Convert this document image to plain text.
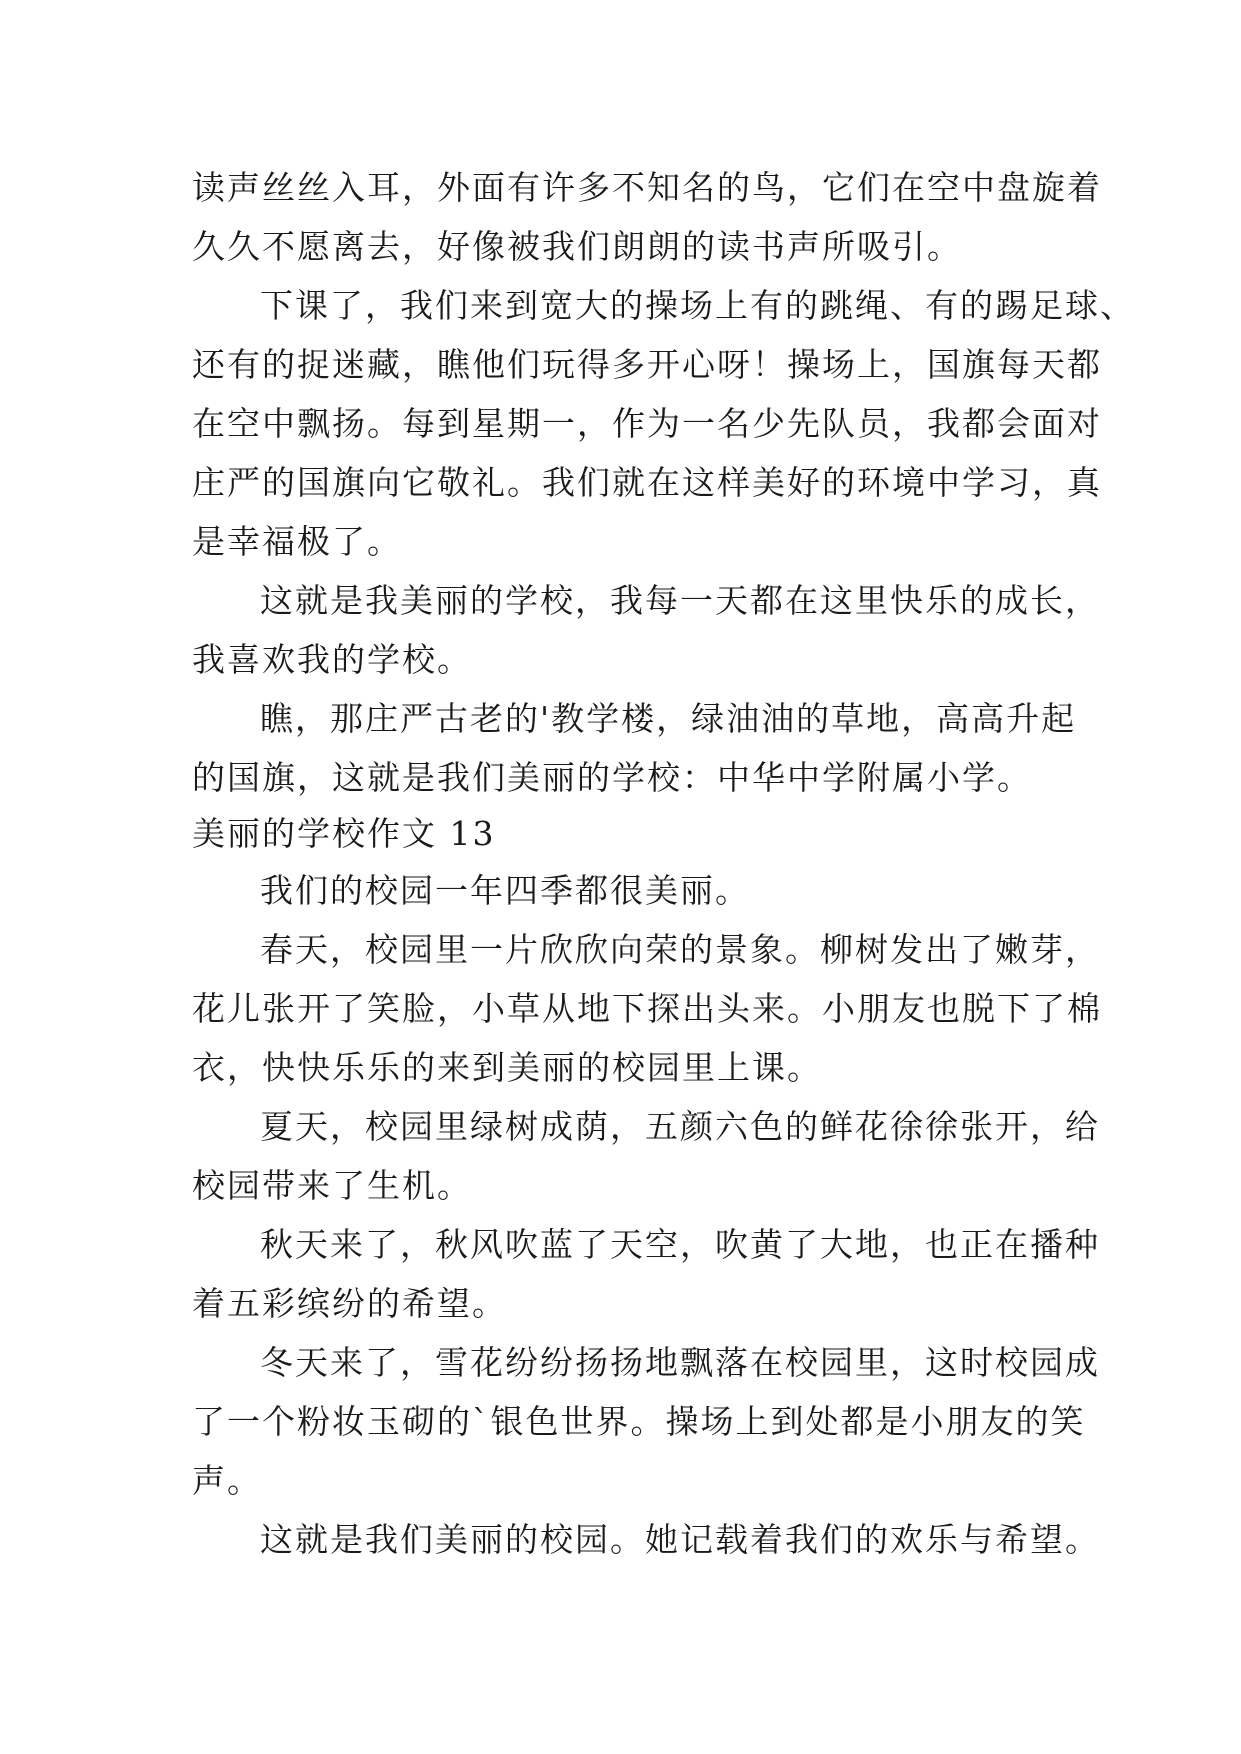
读声丝丝入耳，外面有许多不知名的鸟，它们在空中盘旋着
久久不愿离去，好像被我们朗朗的读书声所吸引。
下课了，我们来到宽大的操场上有的跳绳、有的踢足球、
还有的捉迷藏，瞧他们玩得多开心呀！操场上，国旗每天都
在空中飘扬。每到星期一，作为一名少先队员，我都会面对
庄严的国旗向它敬礼。我们就在这样美好的环境中学习，真
是幸福极了。
这就是我美丽的学校，我每一天都在这里快乐的成长，
我喜欢我的学校。
瞧，那庄严古老的'教学楼，绿油油的草地，高高升起
的国旗，这就是我们美丽的学校：中华中学附属小学。
美丽的学校作文 13
我们的校园一年四季都很美丽。
春天，校园里一片欣欣向荣的景象。柳树发出了嫩芽，
花儿张开了笑脸，小草从地下探出头来。小朋友也脱下了棉
衣，快快乐乐的来到美丽的校园里上课。
夏天，校园里绿树成荫，五颜六色的鲜花徐徐张开，给
校园带来了生机。
秋天来了，秋风吹蓝了天空，吹黄了大地，也正在播种
着五彩缤纷的希望。
冬天来了，雪花纷纷扬扬地飘落在校园里，这时校园成
了一个粉妆玉砌的`银色世界。操场上到处都是小朋友的笑
声。
这就是我们美丽的校园。她记载着我们的欢乐与希望。
